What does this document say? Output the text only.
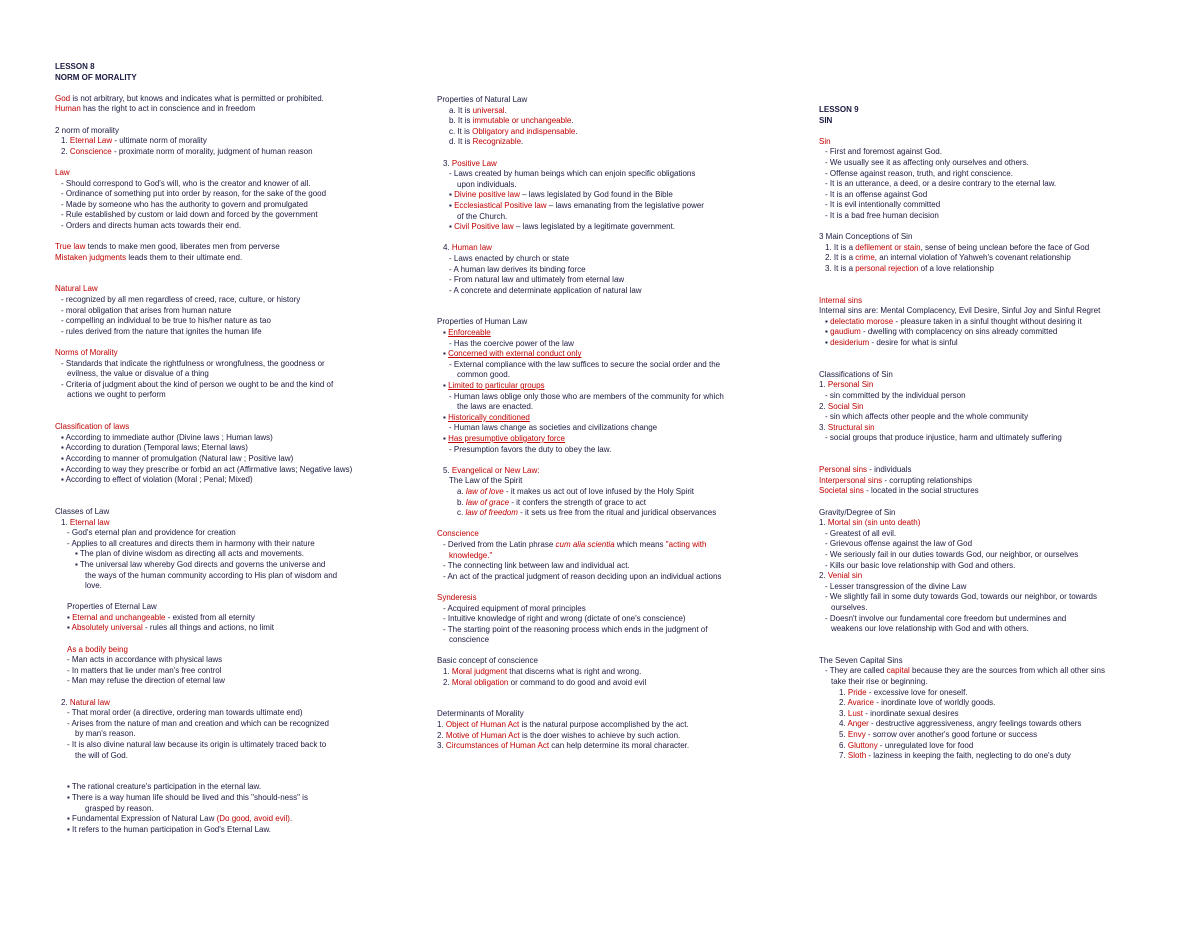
LESSON 8
NORM OF MORALITY
God is not arbitrary, but knows and indicates what is permitted or prohibited.
Human has the right to act in conscience and in freedom
2 norm of morality
1. Eternal Law - ultimate norm of morality
2. Conscience - proximate norm of morality, judgment of human reason
Law
- Should correspond to God's will, who is the creator and knower of all.
- Ordinance of something put into order by reason, for the sake of the good
- Made by someone who has the authority to govern and promulgated
- Rule established by custom or laid down and forced by the government
- Orders and directs human acts towards their end.
True law tends to make men good, liberates men from perverse
Mistaken judgments leads them to their ultimate end.
Natural Law
- recognized by all men regardless of creed, race, culture, or history
- moral obligation that arises from human nature
- compelling an individual to be true to his/her nature as tao
- rules derived from the nature that ignites the human life
Norms of Morality
- Standards that indicate the rightfulness or wrongfulness, the goodness or
evilness, the value or disvalue of a thing
- Criteria of judgment about the kind of person we ought to be and the kind of
actions we ought to perform
Classification of laws
▪ According to immediate author (Divine laws ; Human laws)
▪ According to duration (Temporal laws; Eternal laws)
▪ According to manner of promulgation (Natural law ; Positive law)
▪ According to way they prescribe or forbid an act (Affirmative laws; Negative laws)
▪ According to effect of violation (Moral ; Penal; Mixed)
Classes of Law
1. Eternal law
- God's eternal plan and providence for creation
- Applies to all creatures and directs them in harmony with their nature
▪ The plan of divine wisdom as directing all acts and movements.
▪ The universal law whereby God directs and governs the universe and
the ways of the human community according to His plan of wisdom and
love.
Properties of Eternal Law
▪ Eternal and unchangeable - existed from all eternity
▪ Absolutely universal - rules all things and actions, no limit
As a bodily being
- Man acts in accordance with physical laws
- In matters that lie under man's free control
- Man may refuse the direction of eternal law
2. Natural law
- That moral order (a directive, ordering man towards ultimate end)
- Arises from the nature of man and creation and which can be recognized
by man's reason.
- It is also divine natural law because its origin is ultimately traced back to
the will of God.
▪ The rational creature's participation in the eternal law.
▪ There is a way human life should be lived and this "should-ness" is
grasped by reason.
▪ Fundamental Expression of Natural Law (Do good, avoid evil).
▪ It refers to the human participation in God's Eternal Law.
Properties of Natural Law
a. It is universal.
b. It is immutable or unchangeable.
c. It is Obligatory and indispensable.
d. It is Recognizable.
3. Positive Law
- Laws created by human beings which can enjoin specific obligations
upon individuals.
▪ Divine positive law – laws legislated by God found in the Bible
▪ Ecclesiastical Positive law – laws emanating from the legislative power
of the Church.
▪ Civil Positive law – laws legislated by a legitimate government.
4. Human law
- Laws enacted by church or state
- A human law derives its binding force
- From natural law and ultimately from eternal law
- A concrete and determinate application of natural law
Properties of Human Law
▪ Enforceable
- Has the coercive power of the law
▪ Concerned with external conduct only
- External compliance with the law suffices to secure the social order and the
common good.
▪ Limited to particular groups
- Human laws oblige only those who are members of the community for which
the laws are enacted.
▪ Historically conditioned
- Human laws change as societies and civilizations change
▪ Has presumptive obligatory force
- Presumption favors the duty to obey the law.
5. Evangelical or New Law:
The Law of the Spirit
a. law of love - it makes us act out of love infused by the Holy Spirit
b. law of grace - it confers the strength of grace to act
c. law of freedom - it sets us free from the ritual and juridical observances
Conscience
- Derived from the Latin phrase cum alia scientia which means "acting with
knowledge."
- The connecting link between law and individual act.
- An act of the practical judgment of reason deciding upon an individual actions
Synderesis
- Acquired equipment of moral principles
- Intuitive knowledge of right and wrong (dictate of one's conscience)
- The starting point of the reasoning process which ends in the judgment of
conscience
Basic concept of conscience
1. Moral judgment that discerns what is right and wrong.
2. Moral obligation or command to do good and avoid evil
Determinants of Morality
1. Object of Human Act is the natural purpose accomplished by the act.
2. Motive of Human Act is the doer wishes to achieve by such action.
3. Circumstances of Human Act can help determine its moral character.
LESSON 9
SIN
Sin
- First and foremost against God.
- We usually see it as affecting only ourselves and others.
- Offense against reason, truth, and right conscience.
- It is an utterance, a deed, or a desire contrary to the eternal law.
- It is an offense against God
- It is evil intentionally committed
- It is a bad free human decision
3 Main Conceptions of Sin
1. It is a defilement or stain, sense of being unclean before the face of God
2. It is a crime, an internal violation of Yahweh's covenant relationship
3. It is a personal rejection of a love relationship
Internal sins
Internal sins are: Mental Complacency, Evil Desire, Sinful Joy and Sinful Regret
▪ delectatio morose - pleasure taken in a sinful thought without desiring it
▪ gaudium - dwelling with complacency on sins already committed
▪ desiderium - desire for what is sinful
Classifications of Sin
1. Personal Sin
- sin committed by the individual person
2. Social Sin
- sin which affects other people and the whole community
3. Structural sin
- social groups that produce injustice, harm and ultimately suffering
Personal sins - individuals
Interpersonal sins - corrupting relationships
Societal sins - located in the social structures
Gravity/Degree of Sin
1. Mortal sin (sin unto death)
- Greatest of all evil.
- Grievous offense against the law of God
- We seriously fail in our duties towards God, our neighbor, or ourselves
- Kills our basic love relationship with God and others.
2. Venial sin
- Lesser transgression of the divine Law
- We slightly fail in some duty towards God, towards our neighbor, or towards
ourselves.
- Doesn't involve our fundamental core freedom but undermines and
weakens our love relationship with God and with others.
The Seven Capital Sins
- They are called capital because they are the sources from which all other sins
take their rise or beginning.
1. Pride - excessive love for oneself.
2. Avarice - inordinate love of worldly goods.
3. Lust - inordinate sexual desires
4. Anger - destructive aggressiveness, angry feelings towards others
5. Envy - sorrow over another's good fortune or success
6. Gluttony - unregulated love for food
7. Sloth - laziness in keeping the faith, neglecting to do one's duty
